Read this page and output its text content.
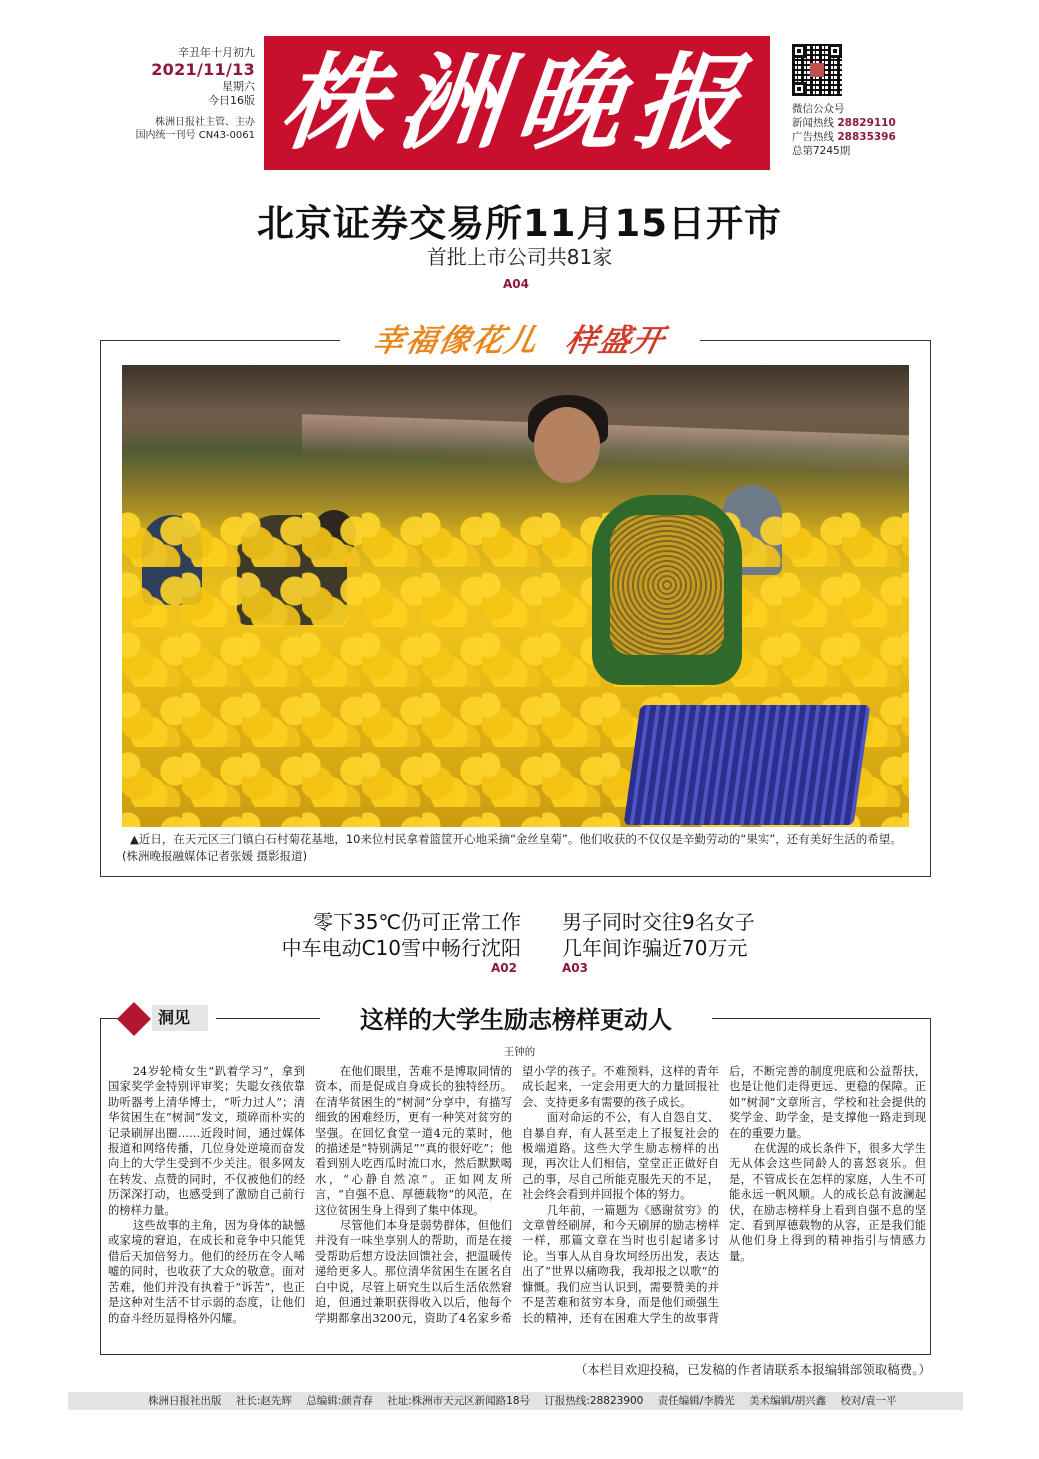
辛丑年十月初九
2021/11/13
星期六
今日16版
株洲日报社主管、主办
国内统一刊号 CN43-0061 株洲晚报	微信公众号
新闻热线 28829110
广告热线 28835396
总第7245期
北京证券交易所11月15日开市
首批上市公司共81家
A04
幸福像花儿 样盛开
▲近日，在天元区三门镇白石村菊花基地，10来位村民拿着篮筐开心地采摘“金丝皇菊”。他们收获的不仅仅是辛勤劳动的“果实”，还有美好生活的希望。(株洲晚报融媒体记者张媛 摄影报道)
零下35℃仍可正常工作
中车电动C10雪中畅行沈阳
A02
男子同时交往9名女子
几年间诈骗近70万元
A03
洞见	这样的大学生励志榜样更动人
王钟的

24岁轮椅女生“趴着学习”，拿到国家奖学金特别评审奖；失聪女孩依靠助听器考上清华博士，“听力过人”；清华贫困生在“树洞”发文，琐碎而朴实的记录刷屏出圈……近段时间，通过媒体报道和网络传播，几位身处逆境而奋发向上的大学生受到不少关注。很多网友在转发、点赞的同时，不仅被他们的经历深深打动，也感受到了激励自己前行的榜样力量。

这些故事的主角，因为身体的缺憾或家境的窘迫，在成长和竞争中只能凭借后天加倍努力。他们的经历在令人唏嘘的同时，也收获了大众的敬意。面对苦难，他们并没有执着于“诉苦”，也正是这种对生活不甘示弱的态度，让他们的奋斗经历显得格外闪耀。

在他们眼里，苦难不是博取同情的资本，而是促成自身成长的独特经历。在清华贫困生的“树洞”分享中，有描写细致的困难经历，更有一种笑对贫穷的坚强。在回忆食堂一道4元的菜时，他的描述是“特别满足”“真的很好吃”；他看到别人吃西瓜时流口水，然后默默喝水，“心静自然凉”。正如网友所言，“自强不息、厚德载物”的风范，在这位贫困生身上得到了集中体现。

尽管他们本身是弱势群体，但他们并没有一味坐享别人的帮助，而是在接受帮助后想方设法回馈社会，把温暖传递给更多人。那位清华贫困生在匿名自白中说，尽管上研究生以后生活依然窘迫，但通过兼职获得收入以后，他每个学期都拿出3200元，资助了4名家乡希望小学的孩子。不难预料，这样的青年成长起来，一定会用更大的力量回报社会、支持更多有需要的孩子成长。

面对命运的不公，有人自怨自艾、自暴自弃，有人甚至走上了报复社会的极端道路。这些大学生励志榜样的出现，再次让人们相信，堂堂正正做好自己的事，尽自己所能克服先天的不足，社会终会看到并回报个体的努力。

几年前，一篇题为《感谢贫穷》的文章曾经刷屏，和今天刷屏的励志榜样一样，那篇文章在当时也引起诸多讨论。当事人从自身坎坷经历出发，表达出了“世界以痛吻我，我却报之以歌”的慷慨。我们应当认识到，需要赞美的并不是苦难和贫穷本身，而是他们顽强生长的精神，还有在困难大学生的故事背后，不断完善的制度兜底和公益帮扶，也是让他们走得更远、更稳的保障。正如“树洞”文章所言，学校和社会提供的奖学金、助学金，是支撑他一路走到现在的重要力量。

在优渥的成长条件下，很多大学生无从体会这些同龄人的喜怒哀乐。但是，不管成长在怎样的家庭，人生不可能永远一帆风顺。人的成长总有波澜起伏，在励志榜样身上看到自强不息的坚定、看到厚德载物的从容，正是我们能从他们身上得到的精神指引与情感力量。

（本栏目欢迎投稿，已发稿的作者请联系本报编辑部领取稿费。）
株洲日报社出版 社长:赵先辉 总编辑:颜青春 社址:株洲市天元区新闻路18号 订报热线:28823900 责任编辑/李腾光 美术编辑/胡兴鑫 校对/袁一平
